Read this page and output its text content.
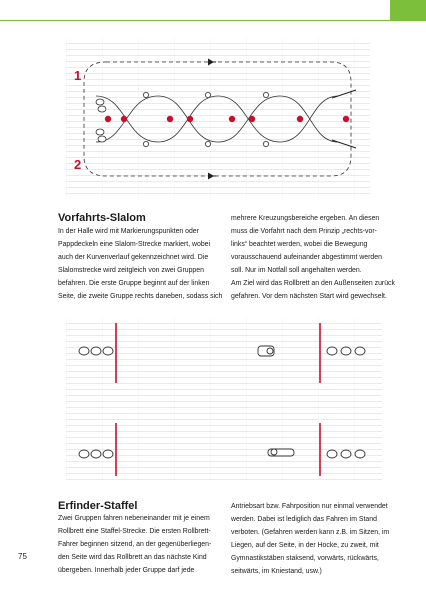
1
2
Vorfahrts-Slalom
In der Halle wird mit Markierungspunkten oder
Pappdeckeln eine Slalom-Strecke markiert, wobei
auch der Kurvenverlauf gekennzeichnet wird. Die
Slalomstrecke wird zeitgleich von zwei Gruppen
befahren. Die erste Gruppe beginnt auf der linken
Seite, die zweite Gruppe rechts daneben, sodass sich
mehrere Kreuzungsbereiche ergeben. An diesen
muss die Vorfahrt nach dem Prinzip „rechts-vor-
links“ beachtet werden, wobei die Bewegung
vorausschauend aufeinander abgestimmt werden
soll. Nur im Notfall soll angehalten werden.
Am Ziel wird das Rollbrett an den Außenseiten zurück
gefahren. Vor dem nächsten Start wird gewechselt.
Erfinder-Staffel
Zwei Gruppen fahren nebeneinander mit je einem
Rollbrett eine Staffel-Strecke. Die ersten Rollbrett-
Fahrer beginnen sitzend, an der gegenüberliegen-
den Seite wird das Rollbrett an das nächste Kind
übergeben. Innerhalb jeder Gruppe darf jede
Antriebsart bzw. Fahrposition nur einmal verwendet
werden. Dabei ist lediglich das Fahren im Stand
verboten. (Gefahren werden kann z.B. im Sitzen, im
Liegen, auf der Seite, in der Hocke, zu zweit, mit
Gymnastikstäben staksend, vorwärts, rückwärts,
seitwärts, im Kniestand, usw.)
75
